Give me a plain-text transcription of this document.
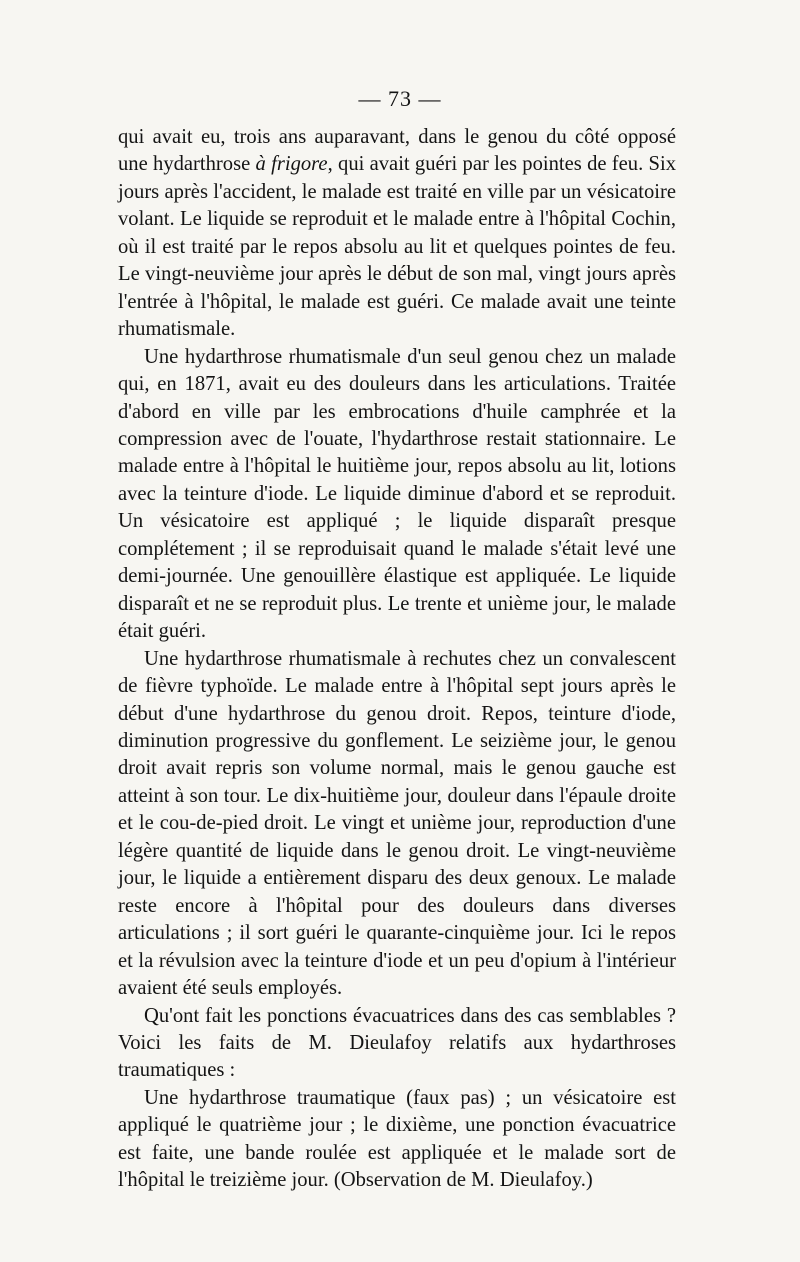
— 73 —

qui avait eu, trois ans auparavant, dans le genou du côté opposé une hydarthrose à frigore, qui avait guéri par les pointes de feu. Six jours après l'accident, le malade est traité en ville par un vésicatoire volant. Le liquide se reproduit et le malade entre à l'hôpital Cochin, où il est traité par le repos absolu au lit et quelques pointes de feu. Le vingt-neuvième jour après le début de son mal, vingt jours après l'entrée à l'hôpital, le malade est guéri. Ce malade avait une teinte rhumatismale.

Une hydarthrose rhumatismale d'un seul genou chez un malade qui, en 1871, avait eu des douleurs dans les articulations. Traitée d'abord en ville par les embrocations d'huile camphrée et la compression avec de l'ouate, l'hydarthrose restait stationnaire. Le malade entre à l'hôpital le huitième jour, repos absolu au lit, lotions avec la teinture d'iode. Le liquide diminue d'abord et se reproduit. Un vésicatoire est appliqué ; le liquide disparaît presque complétement ; il se reproduisait quand le malade s'était levé une demi-journée. Une genouillère élastique est appliquée. Le liquide disparaît et ne se reproduit plus. Le trente et unième jour, le malade était guéri.

Une hydarthrose rhumatismale à rechutes chez un convalescent de fièvre typhoïde. Le malade entre à l'hôpital sept jours après le début d'une hydarthrose du genou droit. Repos, teinture d'iode, diminution progressive du gonflement. Le seizième jour, le genou droit avait repris son volume normal, mais le genou gauche est atteint à son tour. Le dix-huitième jour, douleur dans l'épaule droite et le cou-de-pied droit. Le vingt et unième jour, reproduction d'une légère quantité de liquide dans le genou droit. Le vingt-neuvième jour, le liquide a entièrement disparu des deux genoux. Le malade reste encore à l'hôpital pour des douleurs dans diverses articulations ; il sort guéri le quarante-cinquième jour. Ici le repos et la révulsion avec la teinture d'iode et un peu d'opium à l'intérieur avaient été seuls employés.

Qu'ont fait les ponctions évacuatrices dans des cas semblables ? Voici les faits de M. Dieulafoy relatifs aux hydarthroses traumatiques :

Une hydarthrose traumatique (faux pas) ; un vésicatoire est appliqué le quatrième jour ; le dixième, une ponction évacuatrice est faite, une bande roulée est appliquée et le malade sort de l'hôpital le treizième jour. (Observation de M. Dieulafoy.)
